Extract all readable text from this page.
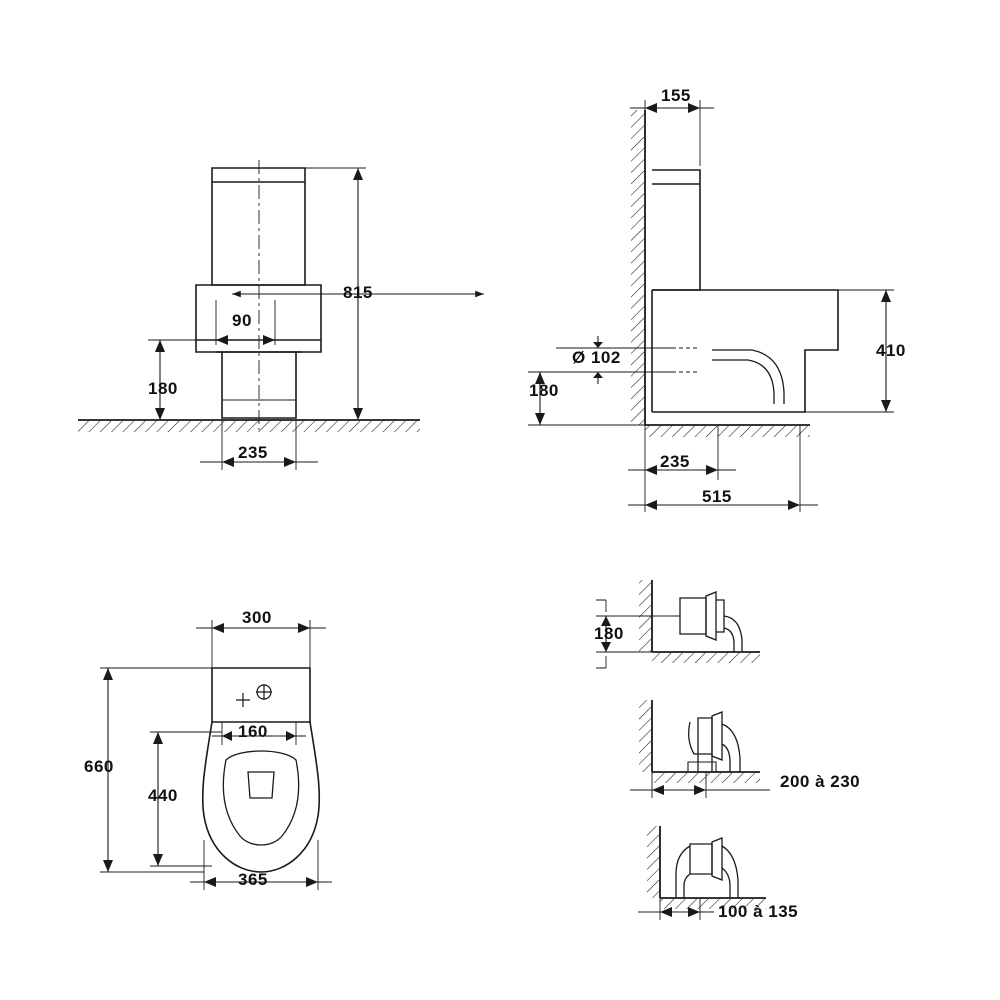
815
90
180
235
155
Ø 102
180
410
235
515
300
160
660
440
365
180
200 à 230
100 à 135
